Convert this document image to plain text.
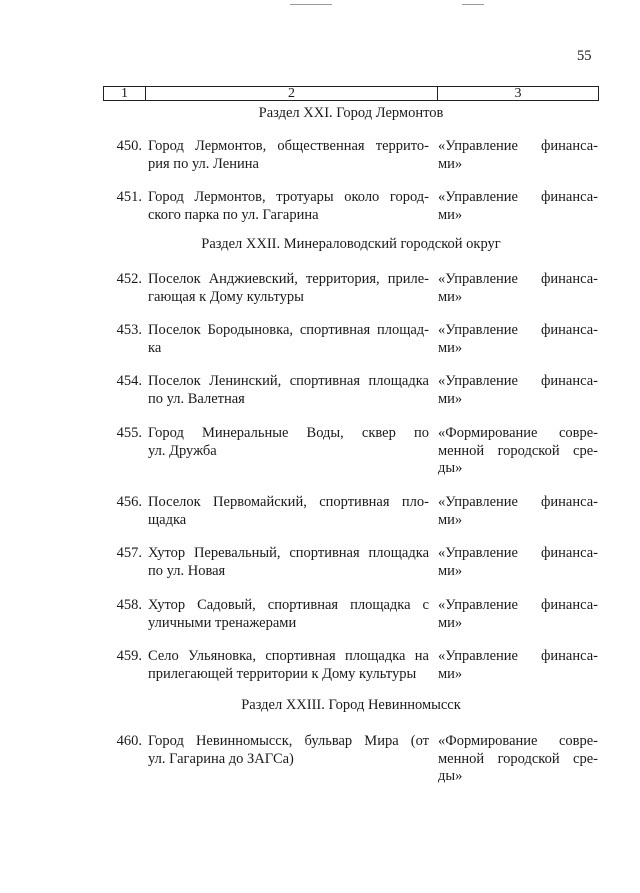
55
1	2	3
Раздел XXI. Город Лермонтов
Раздел XXII. Минераловодский городской округ
Раздел XXIII. Город Невинномысск
450. Город Лермонтов, общественная террито-
рия по ул. Ленина
«Управление финанса-
ми»
451. Город Лермонтов, тротуары около город-
ского парка по ул. Гагарина
«Управление финанса-
ми»
452. Поселок Анджиевский, территория, приле-
гающая к Дому культуры
«Управление финанса-
ми»
453. Поселок Бородыновка, спортивная площад-
ка
«Управление финанса-
ми»
454. Поселок Ленинский, спортивная площадка
по ул. Валетная
«Управление финанса-
ми»
455. Город Минеральные Воды, сквер по
ул. Дружба
«Формирование совре-
менной городской сре-
ды»
456. Поселок Первомайский, спортивная пло-
щадка
«Управление финанса-
ми»
457. Хутор Перевальный, спортивная площадка
по ул. Новая
«Управление финанса-
ми»
458. Хутор Садовый, спортивная площадка с
уличными тренажерами
«Управление финанса-
ми»
459. Село Ульяновка, спортивная площадка на
прилегающей территории к Дому культуры
«Управление финанса-
ми»
460. Город Невинномысск, бульвар Мира (от
ул. Гагарина до ЗАГСа)
«Формирование совре-
менной городской сре-
ды»
